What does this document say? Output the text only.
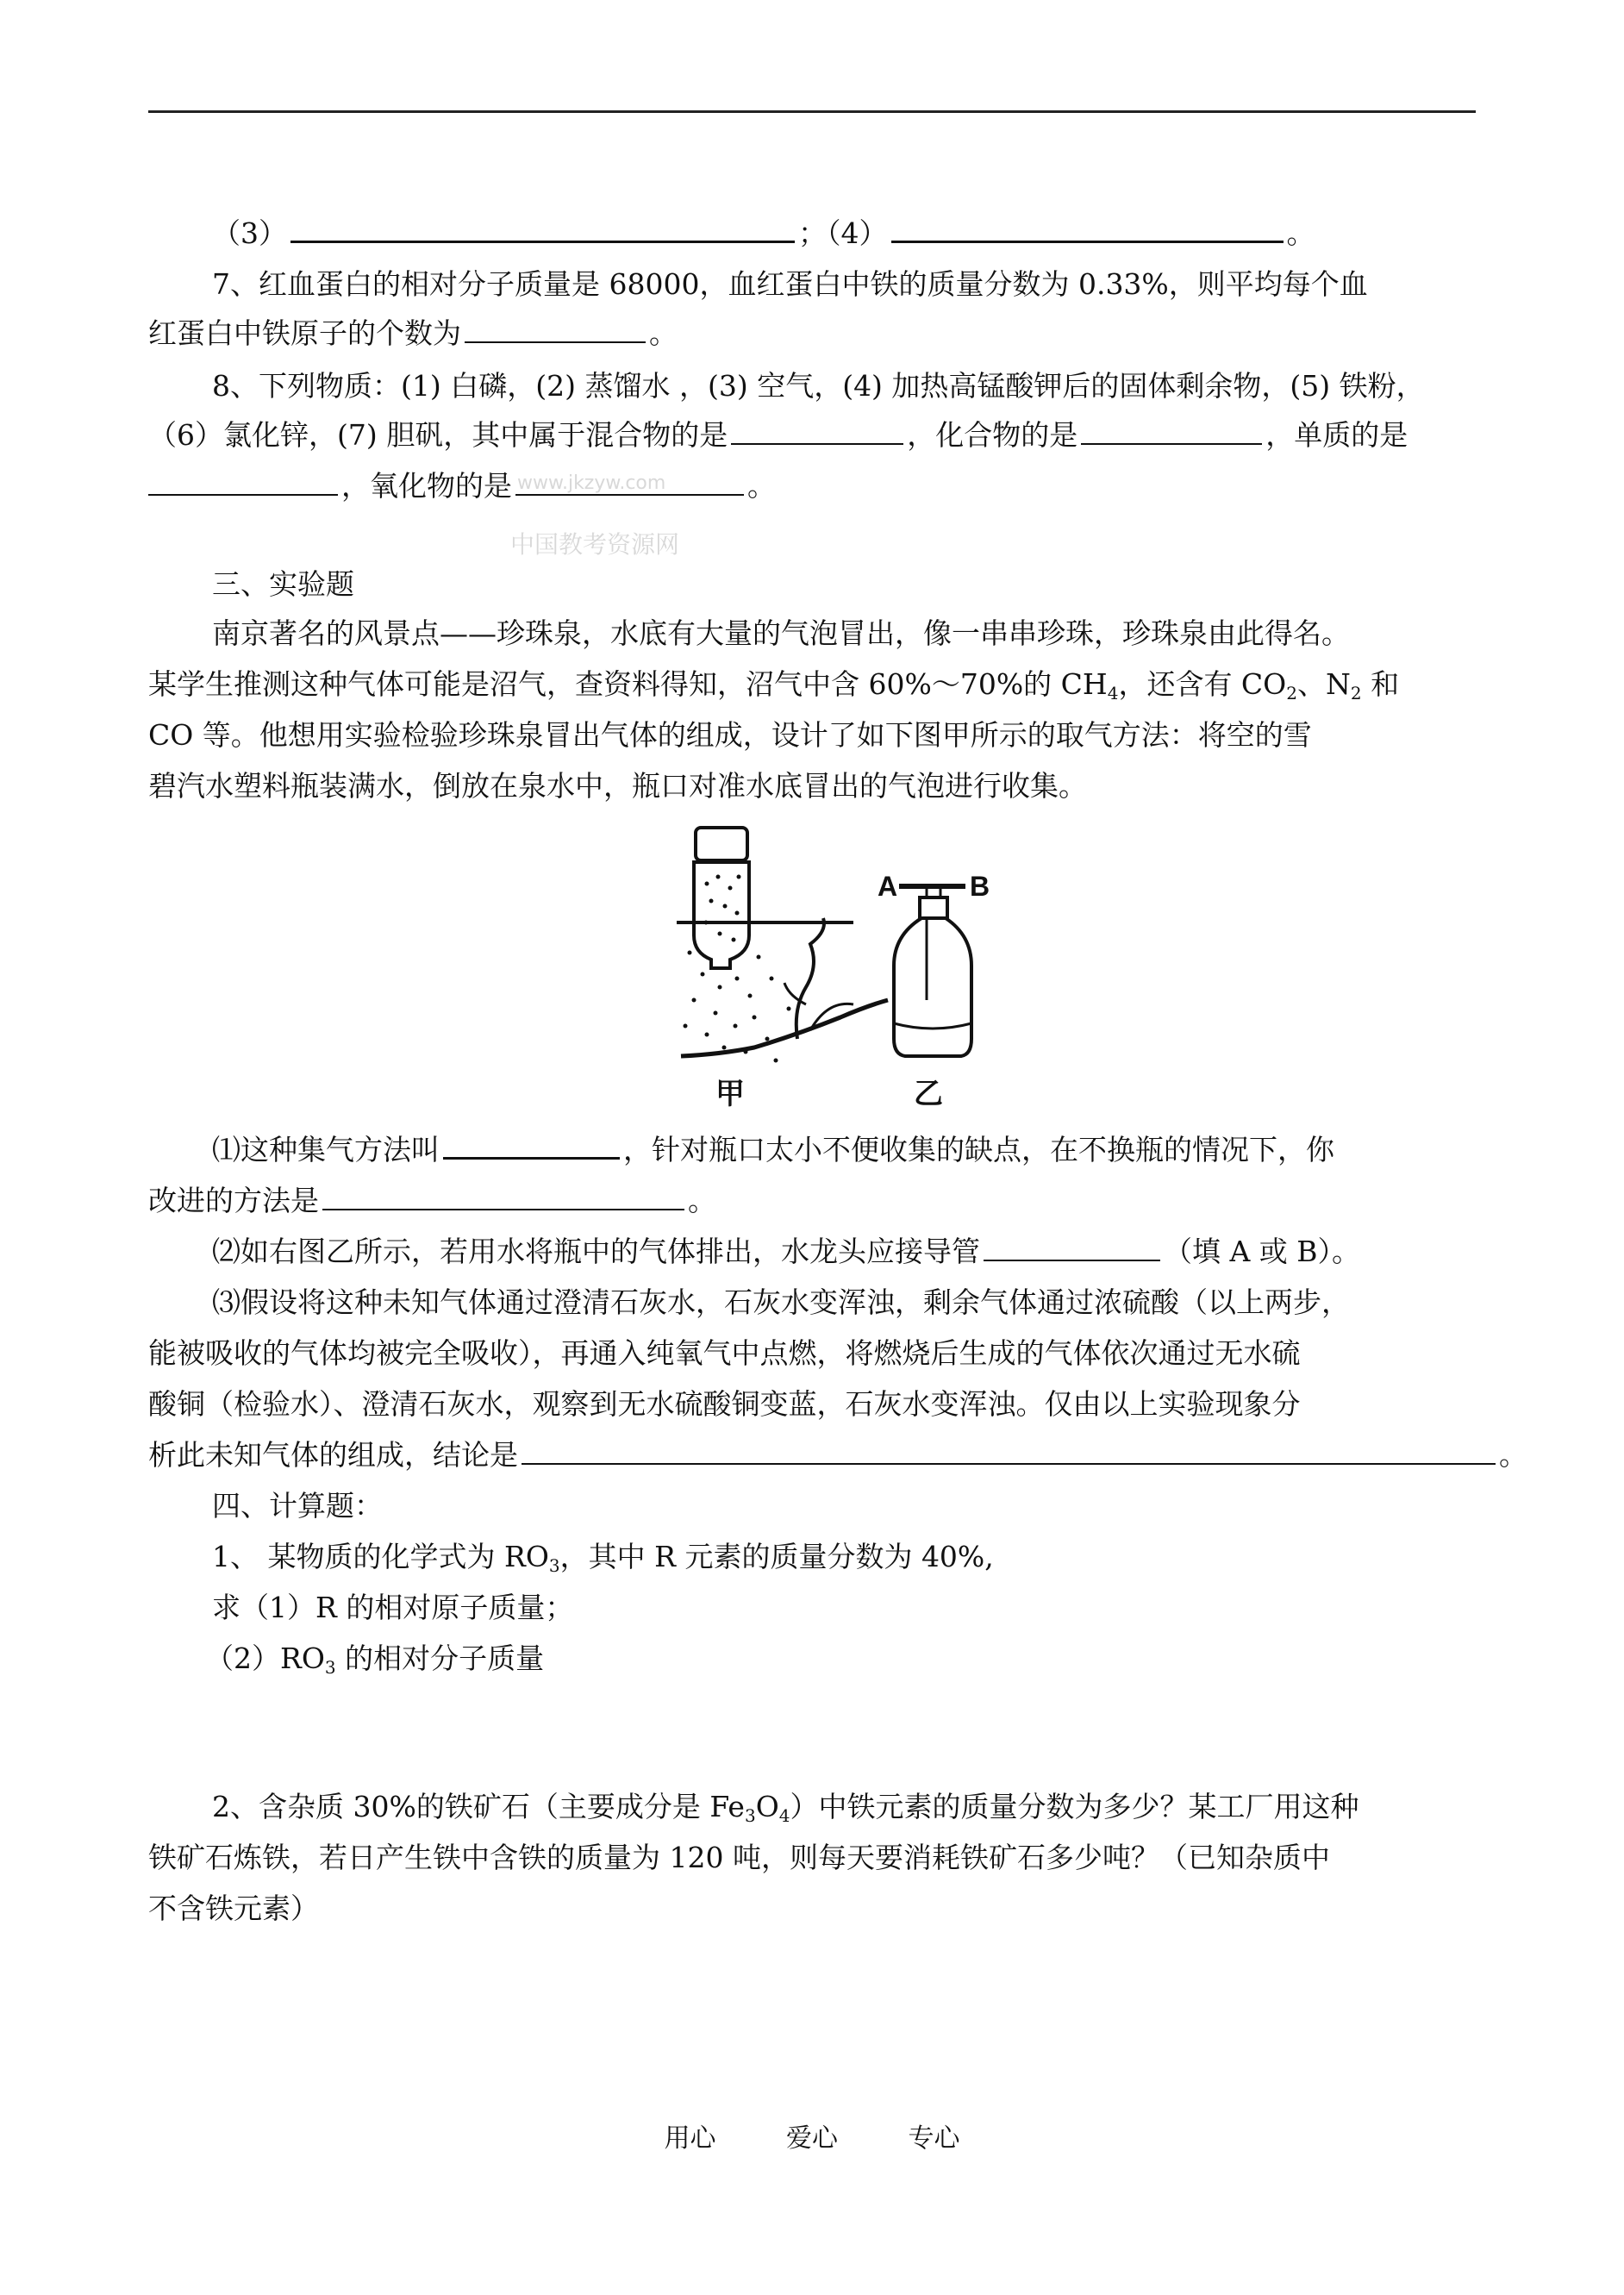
（3）	；（4）	。
7、红血蛋白的相对分子质量是 68000，血红蛋白中铁的质量分数为 0.33%，则平均每个血
红蛋白中铁原子的个数为	。
8、下列物质：(1) 白磷，(2) 蒸馏水 ，(3) 空气，(4) 加热高锰酸钾后的固体剩余物，(5) 铁粉，
（6）氯化锌，(7) 胆矾，其中属于混合物的是	，化合物的是	，单质的是
，氧化物的是	。
www.jkzyw.com
中国教考资源网
三、实验题
南京著名的风景点——珍珠泉，水底有大量的气泡冒出，像一串串珍珠，珍珠泉由此得名。
某学生推测这种气体可能是沼气，查资料得知，沼气中含 60%～70%的 $CH_4$，还含有 $CO_2$、$N_2$ 和
CO 等。他想用实验检验珍珠泉冒出气体的组成，设计了如下图甲所示的取气方法：将空的雪
碧汽水塑料瓶装满水，倒放在泉水中，瓶口对准水底冒出的气泡进行收集。
A	B
甲	乙
⑴这种集气方法叫	，针对瓶口太小不便收集的缺点，在不换瓶的情况下，你
改进的方法是	。
⑵如右图乙所示，若用水将瓶中的气体排出，水龙头应接导管	（填 A 或 B）。
⑶假设将这种未知气体通过澄清石灰水，石灰水变浑浊，剩余气体通过浓硫酸（以上两步，
能被吸收的气体均被完全吸收），再通入纯氧气中点燃，将燃烧后生成的气体依次通过无水硫
酸铜（检验水）、澄清石灰水，观察到无水硫酸铜变蓝，石灰水变浑浊。仅由以上实验现象分
析此未知气体的组成，结论是	。
四、计算题：
1、 某物质的化学式为 $RO_3$，其中 R 元素的质量分数为 40%,
求（1）R 的相对原子质量；
$(2)RO_3$ 的相对分子质量
2、含杂质 30%的铁矿石（主要成分是 $Fe_3O_4$）中铁元素的质量分数为多少？某工厂用这种
铁矿石炼铁，若日产生铁中含铁的质量为 120 吨，则每天要消耗铁矿石多少吨？（已知杂质中
不含铁元素）
用心	爱心	专心
